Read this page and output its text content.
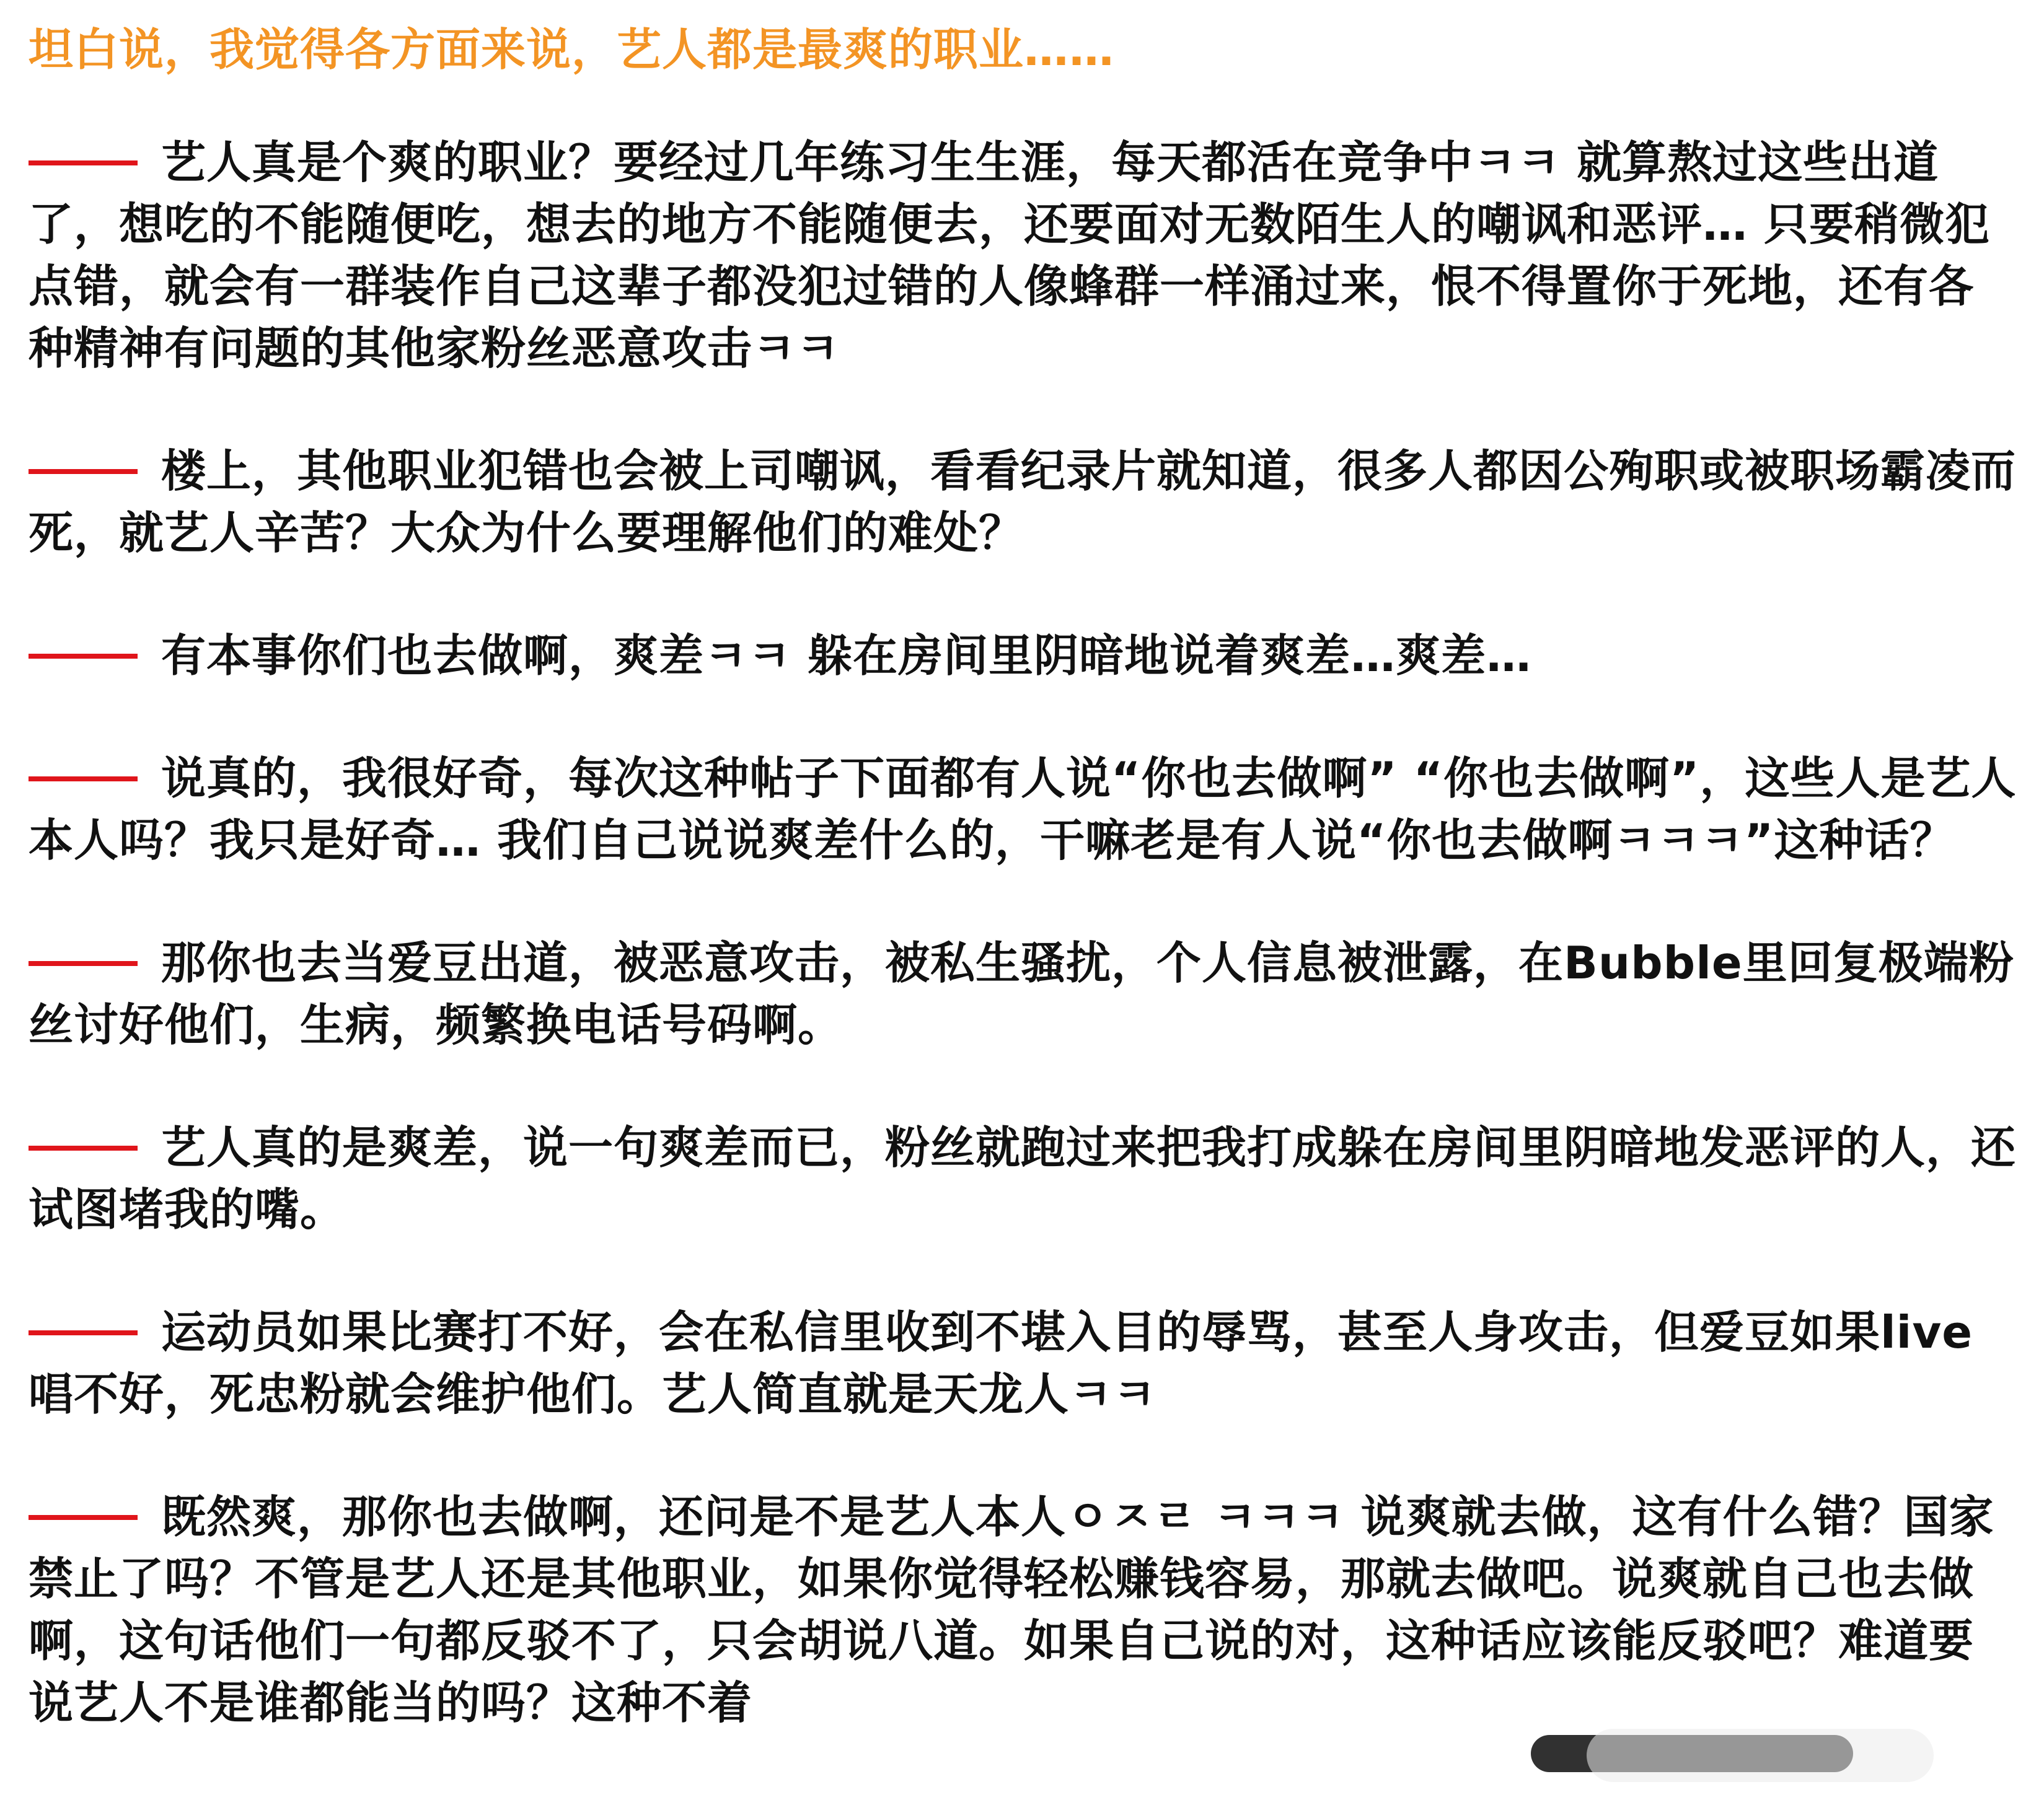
坦白说，我觉得各方面来说，艺人都是最爽的职业……
艺人真是个爽的职业？要经过几年练习生生涯，每天都活在竞争中ㅋㅋ 就算熬过这些出道了，想吃的不能随便吃，想去的地方不能随便去，还要面对无数陌生人的嘲讽和恶评… 只要稍微犯点错，就会有一群装作自己这辈子都没犯过错的人像蜂群一样涌过来，恨不得置你于死地，还有各种精神有问题的其他家粉丝恶意攻击ㅋㅋ
楼上，其他职业犯错也会被上司嘲讽，看看纪录片就知道，很多人都因公殉职或被职场霸凌而死，就艺人辛苦？大众为什么要理解他们的难处？
有本事你们也去做啊，爽差ㅋㅋ 躲在房间里阴暗地说着爽差…爽差…
说真的，我很好奇，每次这种帖子下面都有人说“你也去做啊” “你也去做啊”，这些人是艺人本人吗？我只是好奇… 我们自己说说爽差什么的，干嘛老是有人说“你也去做啊ㅋㅋㅋ”这种话？
那你也去当爱豆出道，被恶意攻击，被私生骚扰，个人信息被泄露，在Bubble里回复极端粉丝讨好他们，生病，频繁换电话号码啊。
艺人真的是爽差，说一句爽差而已，粉丝就跑过来把我打成躲在房间里阴暗地发恶评的人，还试图堵我的嘴。
运动员如果比赛打不好，会在私信里收到不堪入目的辱骂，甚至人身攻击，但爱豆如果live唱不好，死忠粉就会维护他们。艺人简直就是天龙人ㅋㅋ
既然爽，那你也去做啊，还问是不是艺人本人ㅇㅈㄹ ㅋㅋㅋ 说爽就去做，这有什么错？国家禁止了吗？不管是艺人还是其他职业，如果你觉得轻松赚钱容易，那就去做吧。说爽就自己也去做啊，这句话他们一句都反驳不了，只会胡说八道。如果自己说的对，这种话应该能反驳吧？难道要说艺人不是谁都能当的吗？这种不着
